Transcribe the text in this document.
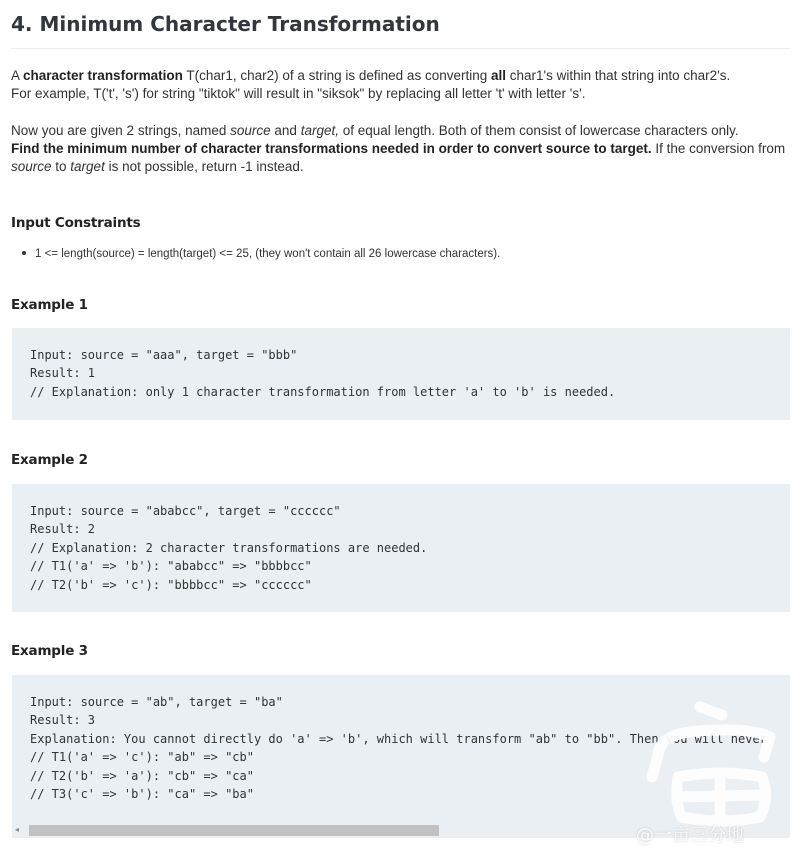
4. Minimum Character Transformation

A character transformation T(char1, char2) of a string is defined as converting all char1's within that string into char2's.
For example, T('t', 's') for string "tiktok" will result in "siksok" by replacing all letter 't' with letter 's'.

Now you are given 2 strings, named source and target, of equal length. Both of them consist of lowercase characters only.
Find the minimum number of character transformations needed in order to convert source to target. If the conversion from source to target is not possible, return -1 instead.

Input Constraints

1 <= length(source) = length(target) <= 25, (they won't contain all 26 lowercase characters).

Example 1
Input: source = "aaa", target = "bbb"
Result: 1
// Explanation: only 1 character transformation from letter 'a' to 'b' is needed.
Example 2
Input: source = "ababcc", target = "cccccc"
Result: 2
// Explanation: 2 character transformations are needed.
// T1('a' => 'b'): "ababcc" => "bbbbcc"
// T2('b' => 'c'): "bbbbcc" => "cccccc"
Example 3
Input: source = "ab", target = "ba"
Result: 3
Explanation: You cannot directly do 'a' => 'b', which will transform "ab" to "bb". Then you will never
// T1('a' => 'c'): "ab" => "cb"
// T2('b' => 'a'): "cb" => "ca"
// T3('c' => 'b'): "ca" => "ba"
◂	@一亩三分地
